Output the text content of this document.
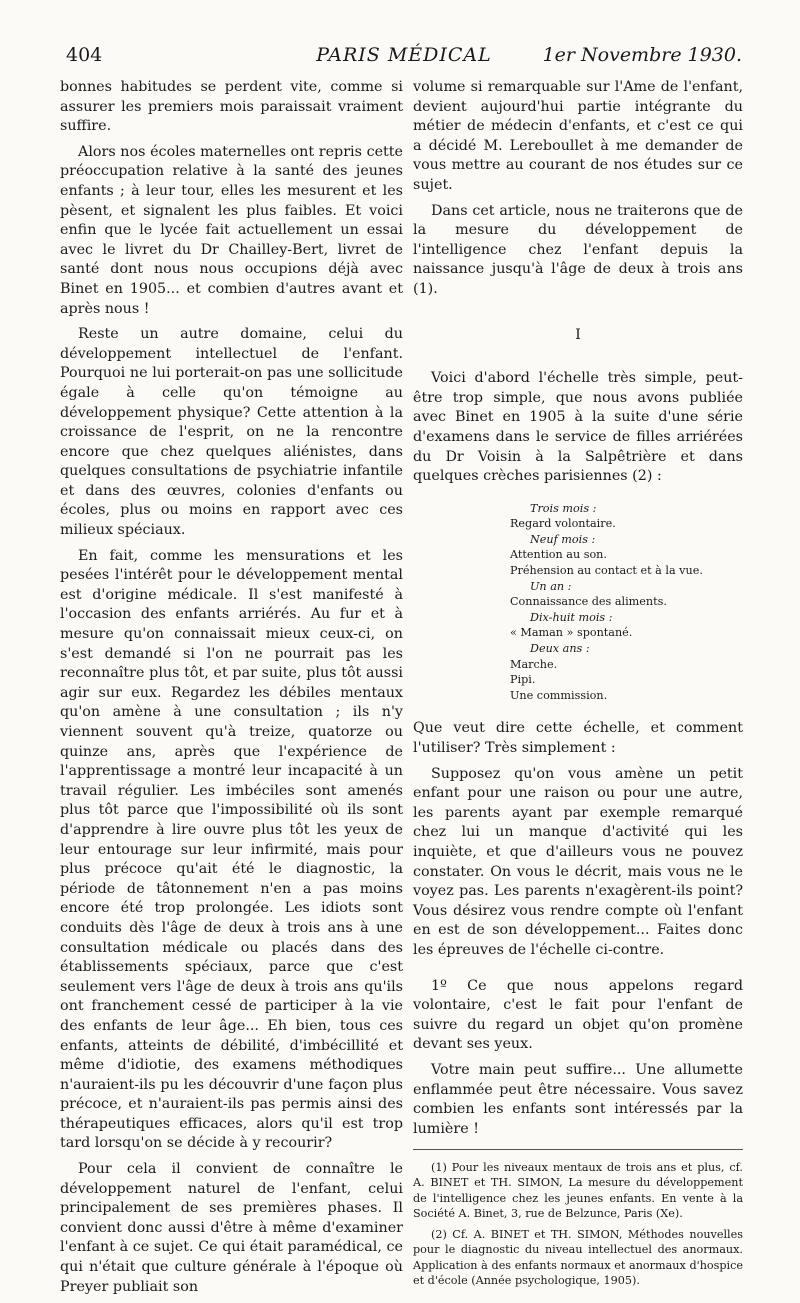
404	PARIS MÉDICAL	1er Novembre 1930.

bonnes habitudes se perdent vite, comme si assurer les premiers mois paraissait vraiment suffire.

Alors nos écoles maternelles ont repris cette préoccupation relative à la santé des jeunes enfants ; à leur tour, elles les mesurent et les pèsent, et signalent les plus faibles. Et voici enfin que le lycée fait actuellement un essai avec le livret du Dr Chailley-Bert, livret de santé dont nous nous occupions déjà avec Binet en 1905... et combien d'autres avant et après nous !

Reste un autre domaine, celui du développement intellectuel de l'enfant. Pourquoi ne lui porterait-on pas une sollicitude égale à celle qu'on témoigne au développement physique? Cette attention à la croissance de l'esprit, on ne la rencontre encore que chez quelques aliénistes, dans quelques consultations de psychiatrie infantile et dans des œuvres, colonies d'enfants ou écoles, plus ou moins en rapport avec ces milieux spéciaux.

En fait, comme les mensurations et les pesées l'intérêt pour le développement mental est d'origine médicale. Il s'est manifesté à l'occasion des enfants arriérés. Au fur et à mesure qu'on connaissait mieux ceux-ci, on s'est demandé si l'on ne pourrait pas les reconnaître plus tôt, et par suite, plus tôt aussi agir sur eux. Regardez les débiles mentaux qu'on amène à une consultation ; ils n'y viennent souvent qu'à treize, quatorze ou quinze ans, après que l'expérience de l'apprentissage a montré leur incapacité à un travail régulier. Les imbéciles sont amenés plus tôt parce que l'impossibilité où ils sont d'apprendre à lire ouvre plus tôt les yeux de leur entourage sur leur infirmité, mais pour plus précoce qu'ait été le diagnostic, la période de tâtonnement n'en a pas moins encore été trop prolongée. Les idiots sont conduits dès l'âge de deux à trois ans à une consultation médicale ou placés dans des établissements spéciaux, parce que c'est seulement vers l'âge de deux à trois ans qu'ils ont franchement cessé de participer à la vie des enfants de leur âge... Eh bien, tous ces enfants, atteints de débilité, d'imbécillité et même d'idiotie, des examens méthodiques n'auraient-ils pu les découvrir d'une façon plus précoce, et n'auraient-ils pas permis ainsi des thérapeutiques efficaces, alors qu'il est trop tard lorsqu'on se décide à y recourir?

Pour cela il convient de connaître le développement naturel de l'enfant, celui principalement de ses premières phases. Il convient donc aussi d'être à même d'examiner l'enfant à ce sujet. Ce qui était paramédical, ce qui n'était que culture générale à l'époque où Preyer publiait son

volume si remarquable sur l'Ame de l'enfant, devient aujourd'hui partie intégrante du métier de médecin d'enfants, et c'est ce qui a décidé M. Lereboullet à me demander de vous mettre au courant de nos études sur ce sujet.

Dans cet article, nous ne traiterons que de la mesure du développement de l'intelligence chez l'enfant depuis la naissance jusqu'à l'âge de deux à trois ans (1).

I

Voici d'abord l'échelle très simple, peut-être trop simple, que nous avons publiée avec Binet en 1905 à la suite d'une série d'examens dans le service de filles arriérées du Dr Voisin à la Salpêtrière et dans quelques crèches parisiennes (2) :

Trois mois :
Regard volontaire.
Neuf mois :
Attention au son.
Préhension au contact et à la vue.
Un an :
Connaissance des aliments.
Dix-huit mois :
« Maman » spontané.
Deux ans :
Marche.
Pipi.
Une commission.

Que veut dire cette échelle, et comment l'utiliser? Très simplement :

Supposez qu'on vous amène un petit enfant pour une raison ou pour une autre, les parents ayant par exemple remarqué chez lui un manque d'activité qui les inquiète, et que d'ailleurs vous ne pouvez constater. On vous le décrit, mais vous ne le voyez pas. Les parents n'exagèrent-ils point? Vous désirez vous rendre compte où l'enfant en est de son développement... Faites donc les épreuves de l'échelle ci-contre.

1º Ce que nous appelons regard volontaire, c'est le fait pour l'enfant de suivre du regard un objet qu'on promène devant ses yeux.

Votre main peut suffire... Une allumette enflammée peut être nécessaire. Vous savez combien les enfants sont intéressés par la lumière !

(1) Pour les niveaux mentaux de trois ans et plus, cf. A. BINET et TH. SIMON, La mesure du développement de l'intelligence chez les jeunes enfants. En vente à la Société A. Binet, 3, rue de Belzunce, Paris (Xe).

(2) Cf. A. BINET et TH. SIMON, Méthodes nouvelles pour le diagnostic du niveau intellectuel des anormaux. Application à des enfants normaux et anormaux d'hospice et d'école (Année psychologique, 1905).
